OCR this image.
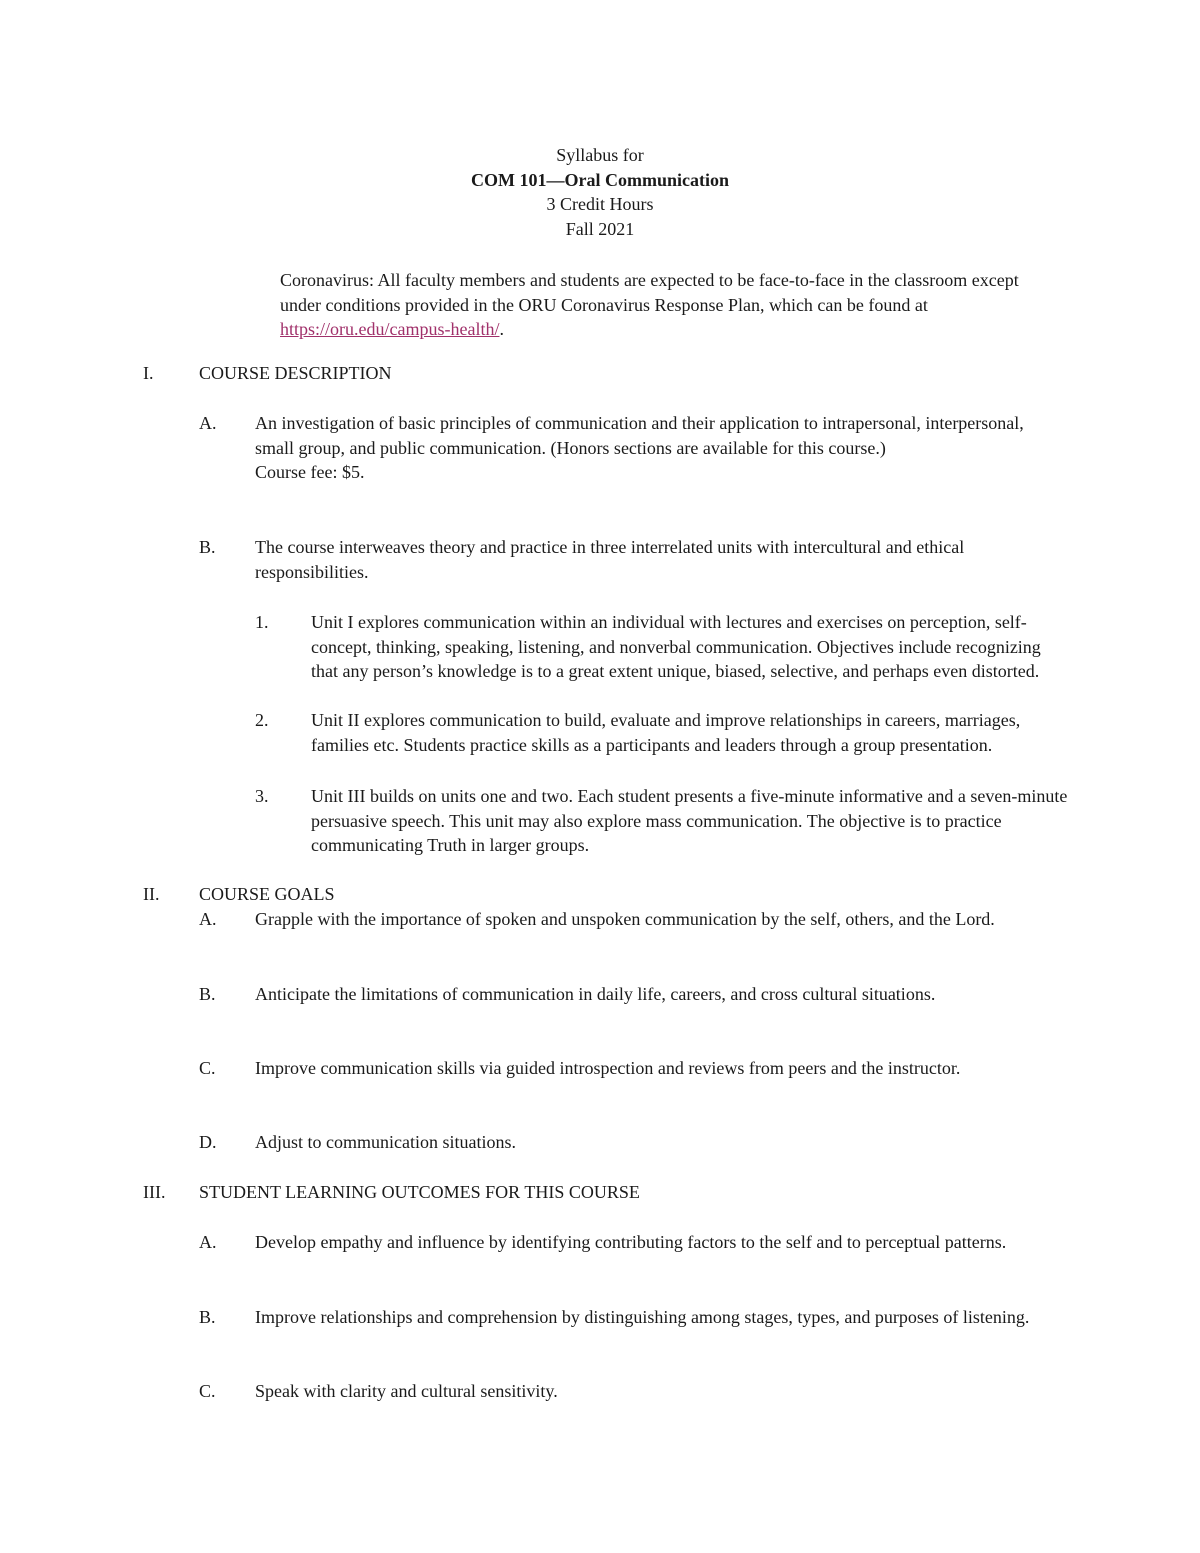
Syllabus for
COM 101—Oral Communication
3 Credit Hours
Fall 2021
Coronavirus: All faculty members and students are expected to be face-to-face in the classroom except under conditions provided in the ORU Coronavirus Response Plan, which can be found at https://oru.edu/campus-health/.
I.	COURSE DESCRIPTION
A.	An investigation of basic principles of communication and their application to intrapersonal, interpersonal, small group, and public communication. (Honors sections are available for this course.)
Course fee: $5.
B.	The course interweaves theory and practice in three interrelated units with intercultural and ethical responsibilities.
1.	Unit I explores communication within an individual with lectures and exercises on perception, self-concept, thinking, speaking, listening, and nonverbal communication. Objectives include recognizing that any person’s knowledge is to a great extent unique, biased, selective, and perhaps even distorted.
2.	Unit II explores communication to build, evaluate and improve relationships in careers, marriages, families etc. Students practice skills as a participants and leaders through a group presentation.
3.	Unit III builds on units one and two. Each student presents a five-minute informative and a seven-minute persuasive speech. This unit may also explore mass communication. The objective is to practice communicating Truth in larger groups.
II.	COURSE GOALS
A.	Grapple with the importance of spoken and unspoken communication by the self, others, and the Lord.
B.	Anticipate the limitations of communication in daily life, careers, and cross cultural situations.
C.	Improve communication skills via guided introspection and reviews from peers and the instructor.
D.	Adjust to communication situations.
III.	STUDENT LEARNING OUTCOMES FOR THIS COURSE
A.	Develop empathy and influence by identifying contributing factors to the self and to perceptual patterns.
B.	Improve relationships and comprehension by distinguishing among stages, types, and purposes of listening.
C.	Speak with clarity and cultural sensitivity.
